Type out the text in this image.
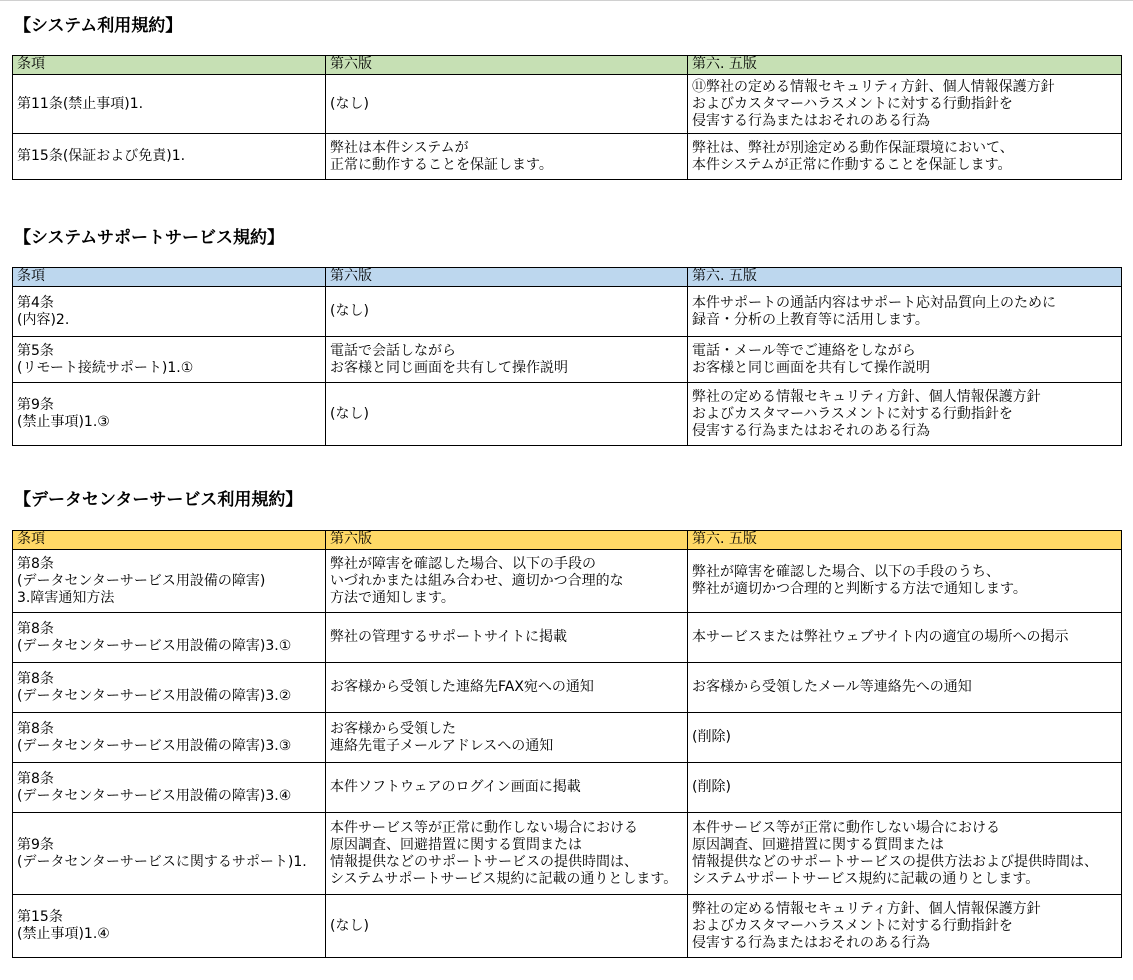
【システム利用規約】
条項	第六版	第六. 五版
第11条(禁止事項)1.	(なし)	⑪弊社の定める情報セキュリティ方針、個人情報保護方針
およびカスタマーハラスメントに対する行動指針を
侵害する行為またはおそれのある行為
第15条(保証および免責)1.	弊社は本件システムが
正常に動作することを保証します。	弊社は、弊社が別途定める動作保証環境において、
本件システムが正常に作動することを保証します。
【システムサポートサービス規約】
条項	第六版	第六. 五版
第4条
(内容)2.	(なし)	本件サポートの通話内容はサポート応対品質向上のために
録音・分析の上教育等に活用します。
第5条
(リモート接続サポート)1.①	電話で会話しながら
お客様と同じ画面を共有して操作説明	電話・メール等でご連絡をしながら
お客様と同じ画面を共有して操作説明
第9条
(禁止事項)1.③	(なし)	弊社の定める情報セキュリティ方針、個人情報保護方針
およびカスタマーハラスメントに対する行動指針を
侵害する行為またはおそれのある行為
【データセンターサービス利用規約】
条項	第六版	第六. 五版
第8条
(データセンターサービス用設備の障害)
3.障害通知方法	弊社が障害を確認した場合、以下の手段の
いづれかまたは組み合わせ、適切かつ合理的な
方法で通知します。	弊社が障害を確認した場合、以下の手段のうち、
弊社が適切かつ合理的と判断する方法で通知します。
第8条
(データセンターサービス用設備の障害)3.①	弊社の管理するサポートサイトに掲載	本サービスまたは弊社ウェブサイト内の適宜の場所への掲示
第8条
(データセンターサービス用設備の障害)3.②	お客様から受領した連絡先FAX宛への通知	お客様から受領したメール等連絡先への通知
第8条
(データセンターサービス用設備の障害)3.③	お客様から受領した
連絡先電子メールアドレスへの通知	(削除)
第8条
(データセンターサービス用設備の障害)3.④	本件ソフトウェアのログイン画面に掲載	(削除)
第9条
(データセンターサービスに関するサポート)1.	本件サービス等が正常に動作しない場合における
原因調査、回避措置に関する質問または
情報提供などのサポートサービスの提供時間は、
システムサポートサービス規約に記載の通りとします。	本件サービス等が正常に動作しない場合における
原因調査、回避措置に関する質問または
情報提供などのサポートサービスの提供方法および提供時間は、
システムサポートサービス規約に記載の通りとします。
第15条
(禁止事項)1.④	(なし)	弊社の定める情報セキュリティ方針、個人情報保護方針
およびカスタマーハラスメントに対する行動指針を
侵害する行為またはおそれのある行為
